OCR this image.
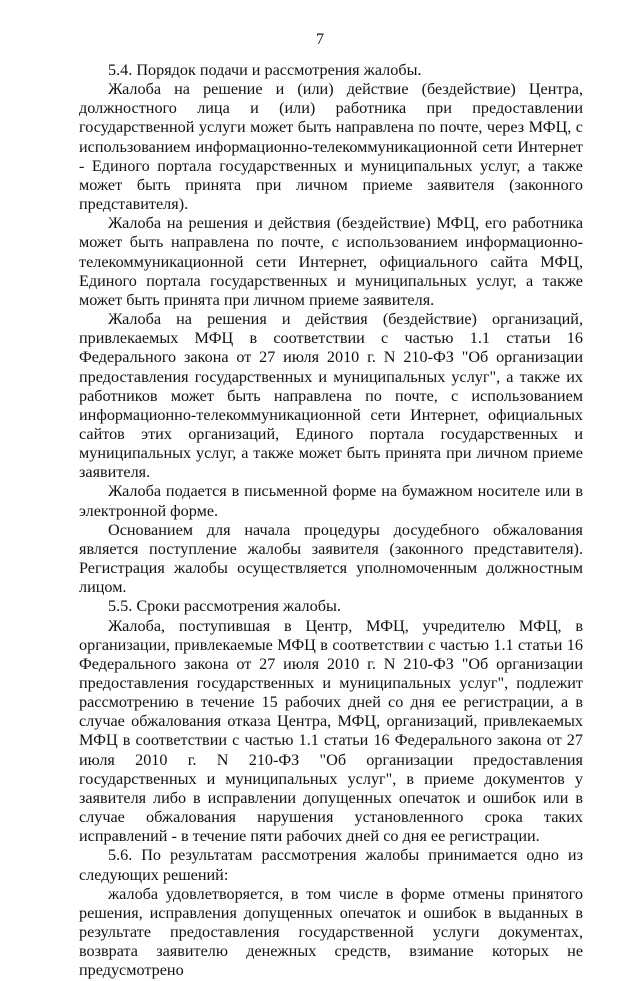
7

5.4. Порядок подачи и рассмотрения жалобы.

Жалоба на решение и (или) действие (бездействие) Центра, должностного лица и (или) работника при предоставлении государственной услуги может быть направлена по почте, через МФЦ, с использованием информационно-телекоммуникационной сети Интернет - Единого портала государственных и муниципальных услуг, а также может быть принята при личном приеме заявителя (законного представителя).

Жалоба на решения и действия (бездействие) МФЦ, его работника может быть направлена по почте, с использованием информационно-телекоммуникационной сети Интернет, официального сайта МФЦ, Единого портала государственных и муниципальных услуг, а также может быть принята при личном приеме заявителя.

Жалоба на решения и действия (бездействие) организаций, привлекаемых МФЦ в соответствии с частью 1.1 статьи 16 Федерального закона от 27 июля 2010 г. N 210-ФЗ "Об организации предоставления государственных и муниципальных услуг", а также их работников может быть направлена по почте, с использованием информационно-телекоммуникационной сети Интернет, официальных сайтов этих организаций, Единого портала государственных и муниципальных услуг, а также может быть принята при личном приеме заявителя.

Жалоба подается в письменной форме на бумажном носителе или в электронной форме.

Основанием для начала процедуры досудебного обжалования является поступление жалобы заявителя (законного представителя). Регистрация жалобы осуществляется уполномоченным должностным лицом.

5.5. Сроки рассмотрения жалобы.

Жалоба, поступившая в Центр, МФЦ, учредителю МФЦ, в организации, привлекаемые МФЦ в соответствии с частью 1.1 статьи 16 Федерального закона от 27 июля 2010 г. N 210-ФЗ "Об организации предоставления государственных и муниципальных услуг", подлежит рассмотрению в течение 15 рабочих дней со дня ее регистрации, а в случае обжалования отказа Центра, МФЦ, организаций, привлекаемых МФЦ в соответствии с частью 1.1 статьи 16 Федерального закона от 27 июля 2010 г. N 210-ФЗ "Об организации предоставления государственных и муниципальных услуг", в приеме документов у заявителя либо в исправлении допущенных опечаток и ошибок или в случае обжалования нарушения установленного срока таких исправлений - в течение пяти рабочих дней со дня ее регистрации.

5.6. По результатам рассмотрения жалобы принимается одно из следующих решений:

жалоба удовлетворяется, в том числе в форме отмены принятого решения, исправления допущенных опечаток и ошибок в выданных в результате предоставления государственной услуги документах, возврата заявителю денежных средств, взимание которых не предусмотрено
